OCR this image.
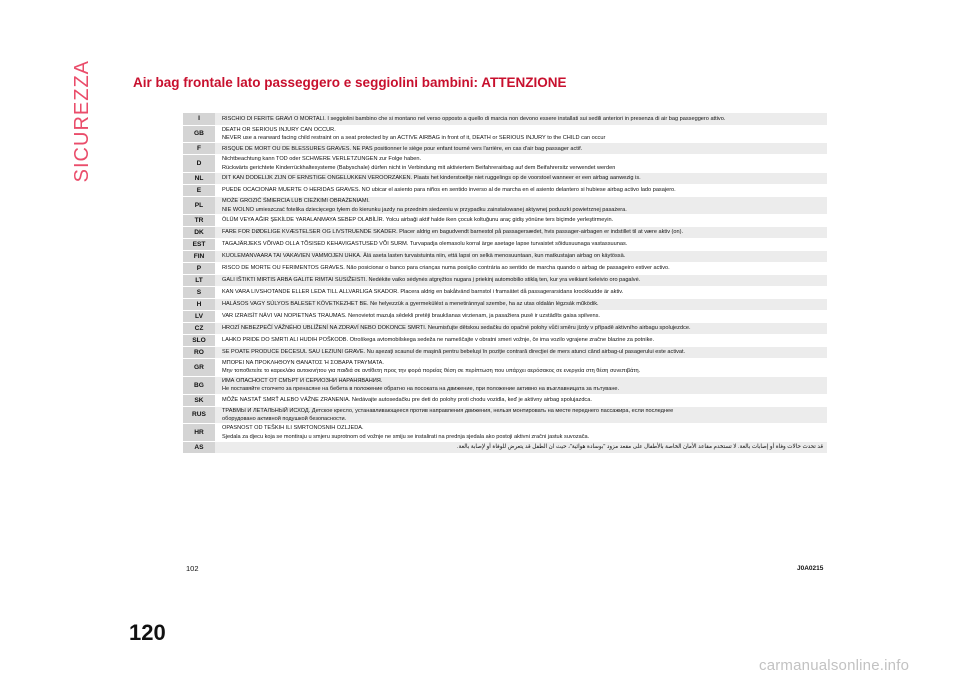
SICUREZZA	Air bag frontale lato passeggero e seggiolini bambini: ATTENZIONE
I	RISCHIO DI FERITE GRAVI O MORTALI. I seggiolini bambino che si montano nel verso opposto a quello di marcia non devono essere installati sui sedili anteriori in presenza di air bag passeggero attivo.

GB	DEATH OR SERIOUS INJURY CAN OCCUR.
NEVER use a rearward facing child restraint on a seat protected by an ACTIVE AIRBAG in front of it, DEATH or SERIOUS INJURY to the CHILD can occur

F	RISQUE DE MORT OU DE BLESSURES GRAVES. NE PAS positionner le siège pour enfant tourné vers l'arrière, en cas d'air bag passager actif.

D	Nichtbeachtung kann TOD oder SCHWERE VERLETZUNGEN zur Folge haben.
Rückwärts gerichtete Kinderrückhaltesysteme (Babyschale) dürfen nicht in Verbindung mit aktiviertem Beifahrerairbag auf dem Beifahrersitz verwendet werden

NL	DIT KAN DODELIJK ZIJN OF ERNSTIGE ONGELUKKEN VEROORZAKEN. Plaats het kinderstoeltje niet ruggelings op de voorstoel wanneer er een airbag aanwezig is.

E	PUEDE OCACIONAR MUERTE O HERIDAS GRAVES. NO ubicar el asiento para niños en sentido inverso al de marcha en el asiento delantero si hubiese airbag activo lado pasajero.

PL	MOŻE GROZIĆ ŚMIERCIA LUB CIEŻKIMI OBRAŻENIAMI.
NIE WOLNO umieszczać fotelika dziecięcego tyłem do kierunku jazdy na przednim siedzeniu w przypadku zainstalowanej aktywnej poduszki powietrznej pasażera.

TR	ÖLÜM VEYA AĞIR ŞEKİLDE YARALANMAYA SEBEP OLABİLİR. Yolcu airbaği aktif halde iken çocuk koltuğunu araç gidiş yönüne ters biçimde yerleştirmeyin.

DK	FARE FOR DØDELIGE KVÆSTELSER OG LIVSTRUENDE SKADER. Placer aldrig en bagudvendt barnestol på passagersædet, hvis passager-airbagen er indstillet til at være aktiv (on).

EST	TAGAJÄRJEKS VÕIVAD OLLA TÕSISED KEHAVIGASTUSED VÕI SURM. Turvapadja olemasolu korral ärge asetage lapse turvaistet sõidusuunaga vastassuunas.

FIN	KUOLEMANVAARA TAI VAKAVIEN VAMMOJEN UHKA. Älä aseta lasten turvaistuinta niin, että lapsi on selkä menosuuntaan, kun matkustajan airbag on käytössä.

P	RISCO DE MORTE OU FERIMENTOS GRAVES. Não posicionar o banco para crianças numa posição contrária ao sentido de marcha quando o airbag de passageiro estiver activo.

LT	GALI IŠTIKTI MIRTIS ARBA GALITE RIMTAI SUSIŽEISTI. Nedėkite vaiko sėdynės atgręžtos nugara į priekinį automobilio stiklą ten, kur yra veikiant keleivio oro pagalvė.

S	KAN VARA LIVSHOTANDE ELLER LEDA TILL ALLVARLIGA SKADOR. Placera aldrig en bakåtvänd barnstol i framsätet då passagerarsidans krockkudde är aktiv.

H	HALÁSOS VAGY SÚLYOS BALESET KÖVETKEZHET BE. Ne helyezzük a gyermekülést a menetiránnyal szembe, ha az utas oldalán légzsák működik.

LV	VAR IZRAISĪT NĀVI VAI NOPIETNAS TRAUMAS. Nenovietot mazuļa sēdekli pretēji braukšanas virzienam, ja pasažiera pusē ir uzstādīts gaisa spilvens.

CZ	HROZÍ NEBEZPEČÍ VÁŽNÉHO UBLÍŽENÍ NA ZDRAVÍ NEBO DOKONCE SMRTI. Neumisťujte dětskou sedačku do opačné polohy vůči směru jízdy v případě aktivního airbagu spolujezdce.

SLO	LAHKO PRIDE DO SMRTI ALI HUDIH POŠKODB. Otroškega avtomobilskega sedeža ne nameščajte v obratni smeri vožnje, če ima vozilo vgrajene zračne blazine za potnike.

RO	SE POATE PRODUCE DECESUL SAU LEZIUNI GRAVE. Nu aşezaţi scaunul de maşină pentru bebeluşi în poziţie contrară direcţiei de mers atunci când airbag-ul pasagerului este activat.

GR	ΜΠΟΡΕΙ ΝΑ ΠΡΟΚΛΗΘΟΥΝ ΘΑΝΑΤΟΣ Ή ΣΟΒΑΡΑ ΤΡΑΥΜΑΤΑ.
Μην τοποθετείτε το καρεκλάκι αυτοκινήτου για παιδιά σε αντίθετη προς την φορά πορείας θέση σε περίπτωση που υπάρχει αερόσακος σε ενεργεία στη θέση συνεπιβάτη.

BG	ИМА ОПАСНОСТ ОТ СМЪРТ И СЕРИОЗНИ НАРАНЯВАНИЯ.
Не поставяйте столчето за пренасяне на бебета в положение обратно на посоката на движение, при положение активно на възглавницата за пътуване.

SK	MÔŽE NASTAŤ SMRŤ ALEBO VÁŽNE ZRANENIA. Nedávajte autosedačku pre deti do polohy proti chodu vozidla, keď je aktívny airbag spolujazdca.

RUS	ТРАВМЫ И ЛЕТАЛЬНЫЙ ИСХОД. Детское кресло, устанавливающееся против направления движения, нельзя монтировать на месте переднего пассажира, если последнее
оборудовано активной подушкой безопасности.

HR	OPASNOST OD TEŠKIH ILI SMRTONOSNIH OZLJEDA.
Sjedala za djecu koja se montiraju u smjeru suprotnom od vožnje ne smiju se instalirati na prednja sjedala ako postoji aktivni zračni jastuk suvozača.

AS	قد تحدث حالات وفاة أو إصابات بالغة. لا تستخدم مقاعد الأمان الخاصة بالأطفال على مقعد مزود "بوسادة هوائية"، حيث ان الطفل قد يتعرض للوفاة أو لإصابة بالغة.
102	J0A0215
120
carmanualsonline.info
